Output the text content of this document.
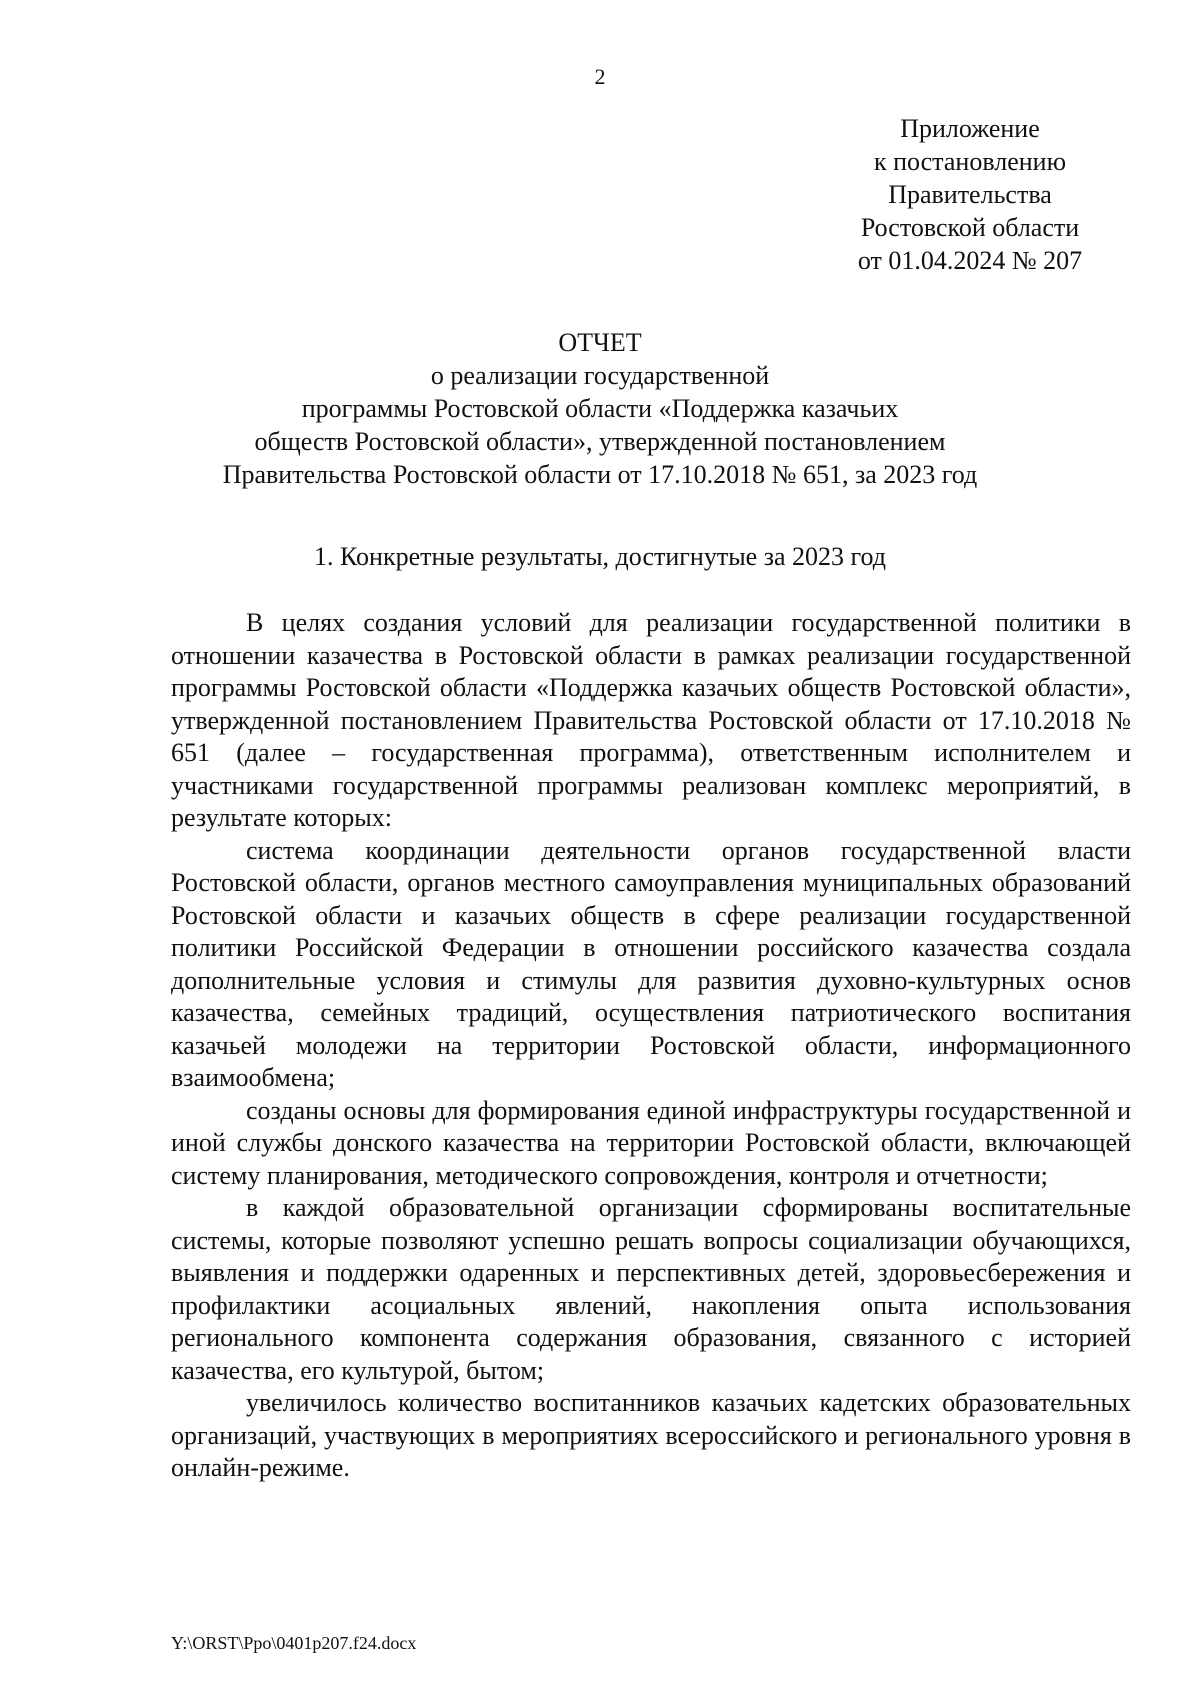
2
Приложение
к постановлению
Правительства
Ростовской области
от 01.04.2024 № 207
ОТЧЕТ
о реализации государственной
программы Ростовской области «Поддержка казачьих
обществ Ростовской области», утвержденной постановлением
Правительства Ростовской области от 17.10.2018 № 651, за 2023 год
1. Конкретные результаты, достигнутые за 2023 год

В целях создания условий для реализации государственной политики в отношении казачества в Ростовской области в рамках реализации государственной программы Ростовской области «Поддержка казачьих обществ Ростовской области», утвержденной постановлением Правительства Ростовской области от 17.10.2018 № 651 (далее – государственная программа), ответственным исполнителем и участниками государственной программы реализован комплекс мероприятий, в результате которых:

система координации деятельности органов государственной власти Ростовской области, органов местного самоуправления муниципальных образований Ростовской области и казачьих обществ в сфере реализации государственной политики Российской Федерации в отношении российского казачества создала дополнительные условия и стимулы для развития духовно-культурных основ казачества, семейных традиций, осуществления патриотического воспитания казачьей молодежи на территории Ростовской области, информационного взаимообмена;

созданы основы для формирования единой инфраструктуры государственной и иной службы донского казачества на территории Ростовской области, включающей систему планирования, методического сопровождения, контроля и отчетности;

в каждой образовательной организации сформированы воспитательные системы, которые позволяют успешно решать вопросы социализации обучающихся, выявления и поддержки одаренных и перспективных детей, здоровьесбережения и профилактики асоциальных явлений, накопления опыта использования регионального компонента содержания образования, связанного с историей казачества, его культурой, бытом;

увеличилось количество воспитанников казачьих кадетских образовательных организаций, участвующих в мероприятиях всероссийского и регионального уровня в онлайн-режиме.

Y:\ORST\Ppo\0401p207.f24.docx
